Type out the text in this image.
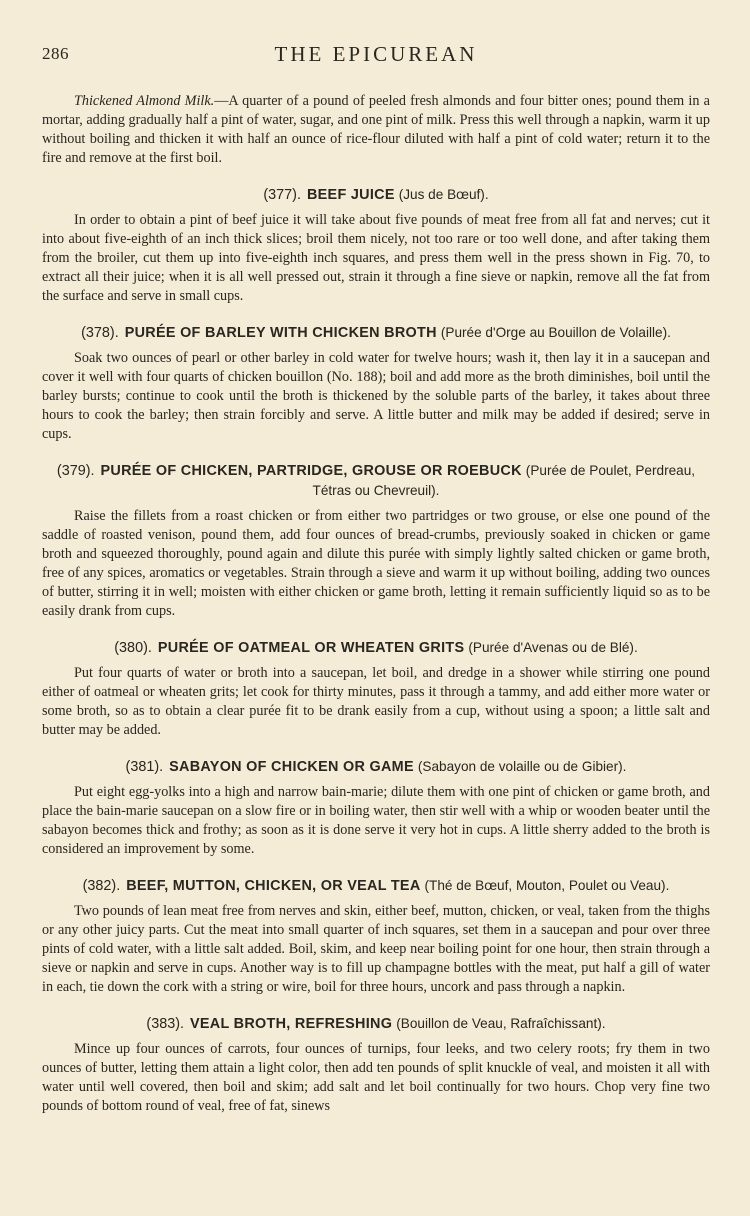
286	THE EPICUREAN

Thickened Almond Milk.—A quarter of a pound of peeled fresh almonds and four bitter ones; pound them in a mortar, adding gradually half a pint of water, sugar, and one pint of milk. Press this well through a napkin, warm it up without boiling and thicken it with half an ounce of rice-flour diluted with half a pint of cold water; return it to the fire and remove at the first boil.

(377). BEEF JUICE (Jus de Bœuf).

In order to obtain a pint of beef juice it will take about five pounds of meat free from all fat and nerves; cut it into about five-eighth of an inch thick slices; broil them nicely, not too rare or too well done, and after taking them from the broiler, cut them up into five-eighth inch squares, and press them well in the press shown in Fig. 70, to extract all their juice; when it is all well pressed out, strain it through a fine sieve or napkin, remove all the fat from the surface and serve in small cups.

(378). PURÉE OF BARLEY WITH CHICKEN BROTH (Purée d'Orge au Bouillon de Volaille).

Soak two ounces of pearl or other barley in cold water for twelve hours; wash it, then lay it in a saucepan and cover it well with four quarts of chicken bouillon (No. 188); boil and add more as the broth diminishes, boil until the barley bursts; continue to cook until the broth is thickened by the soluble parts of the barley, it takes about three hours to cook the barley; then strain forcibly and serve. A little butter and milk may be added if desired; serve in cups.

(379). PURÉE OF CHICKEN, PARTRIDGE, GROUSE OR ROEBUCK (Purée de Poulet, Perdreau, Tétras ou Chevreuil).

Raise the fillets from a roast chicken or from either two partridges or two grouse, or else one pound of the saddle of roasted venison, pound them, add four ounces of bread-crumbs, previously soaked in chicken or game broth and squeezed thoroughly, pound again and dilute this purée with simply lightly salted chicken or game broth, free of any spices, aromatics or vegetables. Strain through a sieve and warm it up without boiling, adding two ounces of butter, stirring it in well; moisten with either chicken or game broth, letting it remain sufficiently liquid so as to be easily drank from cups.

(380). PURÉE OF OATMEAL OR WHEATEN GRITS (Purée d'Avenas ou de Blé).

Put four quarts of water or broth into a saucepan, let boil, and dredge in a shower while stirring one pound either of oatmeal or wheaten grits; let cook for thirty minutes, pass it through a tammy, and add either more water or some broth, so as to obtain a clear purée fit to be drank easily from a cup, without using a spoon; a little salt and butter may be added.

(381). SABAYON OF CHICKEN OR GAME (Sabayon de volaille ou de Gibier).

Put eight egg-yolks into a high and narrow bain-marie; dilute them with one pint of chicken or game broth, and place the bain-marie saucepan on a slow fire or in boiling water, then stir well with a whip or wooden beater until the sabayon becomes thick and frothy; as soon as it is done serve it very hot in cups. A little sherry added to the broth is considered an improvement by some.

(382). BEEF, MUTTON, CHICKEN, OR VEAL TEA (Thé de Bœuf, Mouton, Poulet ou Veau).

Two pounds of lean meat free from nerves and skin, either beef, mutton, chicken, or veal, taken from the thighs or any other juicy parts. Cut the meat into small quarter of inch squares, set them in a saucepan and pour over three pints of cold water, with a little salt added. Boil, skim, and keep near boiling point for one hour, then strain through a sieve or napkin and serve in cups. Another way is to fill up champagne bottles with the meat, put half a gill of water in each, tie down the cork with a string or wire, boil for three hours, uncork and pass through a napkin.

(383). VEAL BROTH, REFRESHING (Bouillon de Veau, Rafraîchissant).

Mince up four ounces of carrots, four ounces of turnips, four leeks, and two celery roots; fry them in two ounces of butter, letting them attain a light color, then add ten pounds of split knuckle of veal, and moisten it all with water until well covered, then boil and skim; add salt and let boil continually for two hours. Chop very fine two pounds of bottom round of veal, free of fat, sinews
